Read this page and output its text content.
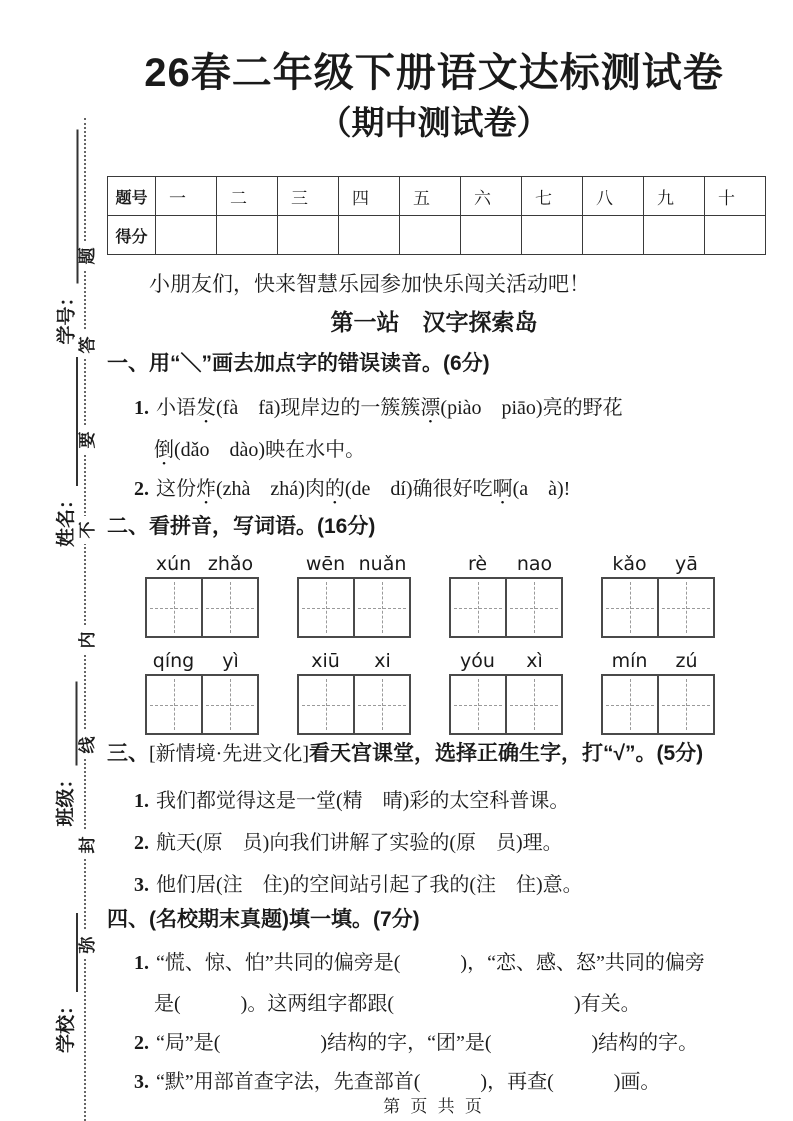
题
答
要
不
内
线
封
弥
学号：
姓名：
班级：
学校：
26春二年级下册语文达标测试卷
（期中测试卷）
题号	一	二	三	四	五	六	七	八	九	十
得分										
小朋友们，快来智慧乐园参加快乐闯关活动吧！
第一站　汉字探索岛
一、用“＼”画去加点字的错误读音。(6分)
1. 小语发(fà　fā)现岸边的一簇簇漂(piào　piāo)亮的野花
倒(dǎo　dào)映在水中。
2. 这份炸(zhà　zhá)肉的(de　dí)确很好吃啊(a　à)!
二、看拼音，写词语。(16分)
xún zhǎo	wēn nuǎn	rè	nao	kǎo	yā
qíng	yì	xiū	xi	yóu	xì	mín	zú
三、[新情境·先进文化]看天宫课堂，选择正确生字，打“√”。(5分)
1. 我们都觉得这是一堂(精　晴)彩的太空科普课。
2. 航天(原　员)向我们讲解了实验的(原　员)理。
3. 他们居(注　住)的空间站引起了我的(注　住)意。
四、(名校期末真题)填一填。(7分)
1. “慌、惊、怕”共同的偏旁是(　　　)，“恋、感、怒”共同的偏旁
是(　　　)。这两组字都跟(　　　　　　　　　)有关。
2. “局”是(　　　　　)结构的字，“团”是(　　　　　)结构的字。
3. “默”用部首查字法，先查部首(　　　)，再查(　　　)画。
第 页 共 页
